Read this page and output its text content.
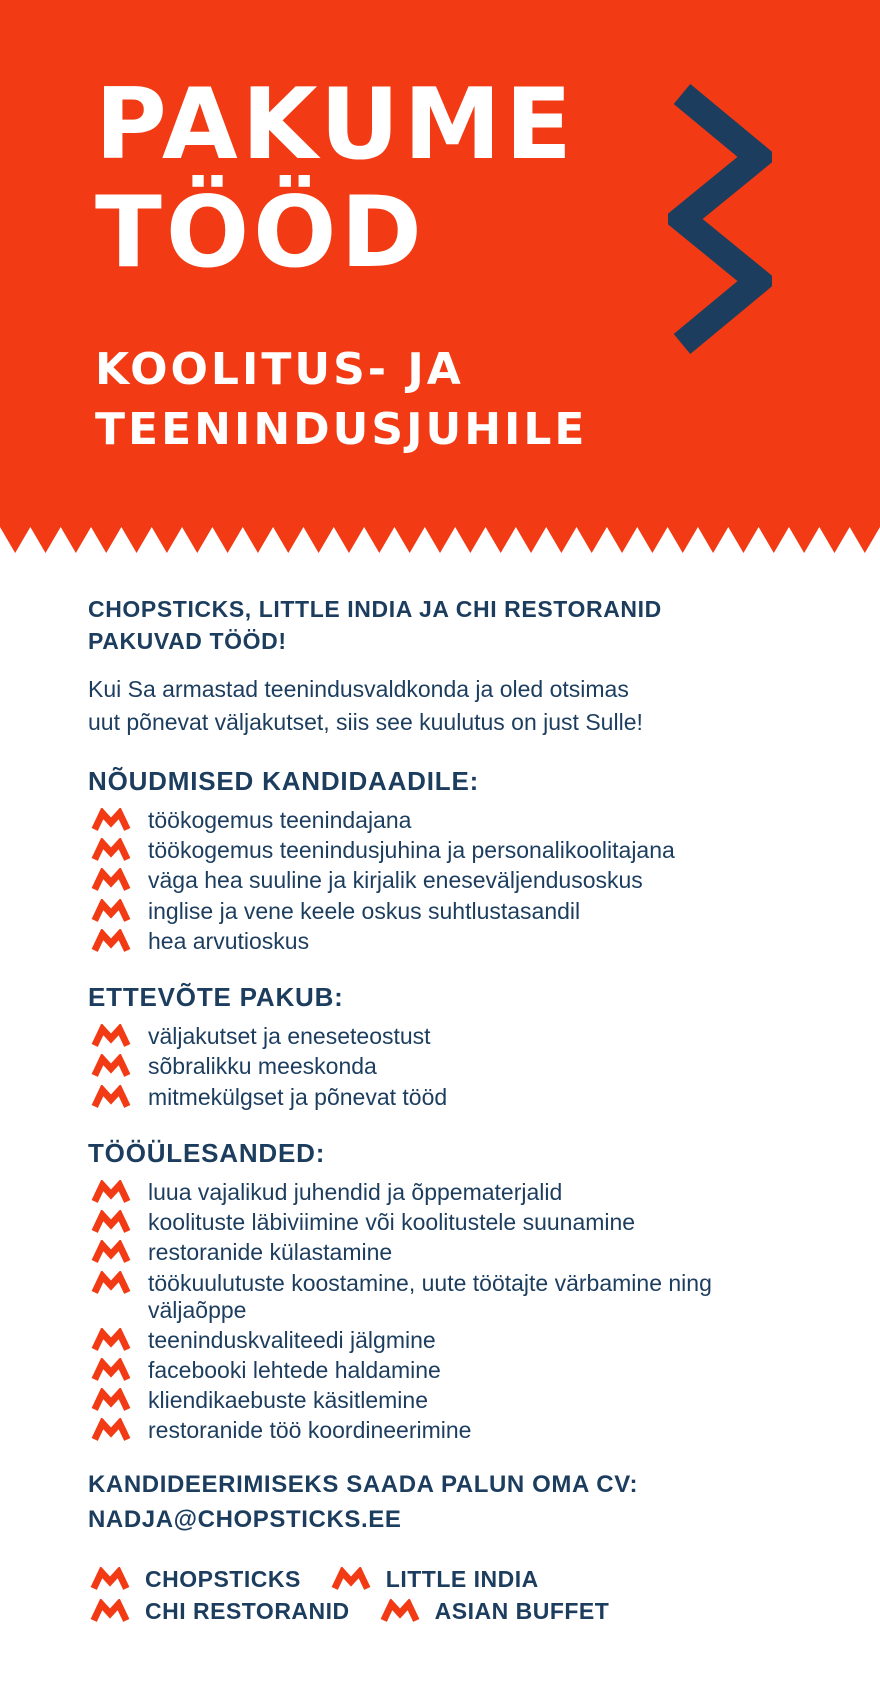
PAKUME
TÖÖD
KOOLITUS- JA
TEENINDUSJUHILE
CHOPSTICKS, LITTLE INDIA JA CHI RESTORANID
PAKUVAD TÖÖD!
Kui Sa armastad teenindusvaldkonda ja oled otsimas
uut põnevat väljakutset, siis see kuulutus on just Sulle!
NÕUDMISED KANDIDAADILE:
töökogemus teenindajana
töökogemus teenindusjuhina ja personalikoolitajana
väga hea suuline ja kirjalik eneseväljendusoskus
inglise ja vene keele oskus suhtlustasandil
hea arvutioskus
ETTEVÕTE PAKUB:
väljakutset ja eneseteostust
sõbralikku meeskonda
mitmekülgset ja põnevat tööd
TÖÖÜLESANDED:
luua vajalikud juhendid ja õppematerjalid
koolituste läbiviimine või koolitustele suunamine
restoranide külastamine
töökuulutuste koostamine, uute töötajte värbamine ning väljaõppe
teeninduskvaliteedi jälgmine
facebooki lehtede haldamine
kliendikaebuste käsitlemine
restoranide töö koordineerimine
KANDIDEERIMISEKS SAADA PALUN OMA CV:
NADJA@CHOPSTICKS.EE
CHOPSTICKS	LITTLE INDIA
CHI RESTORANID	ASIAN BUFFET
